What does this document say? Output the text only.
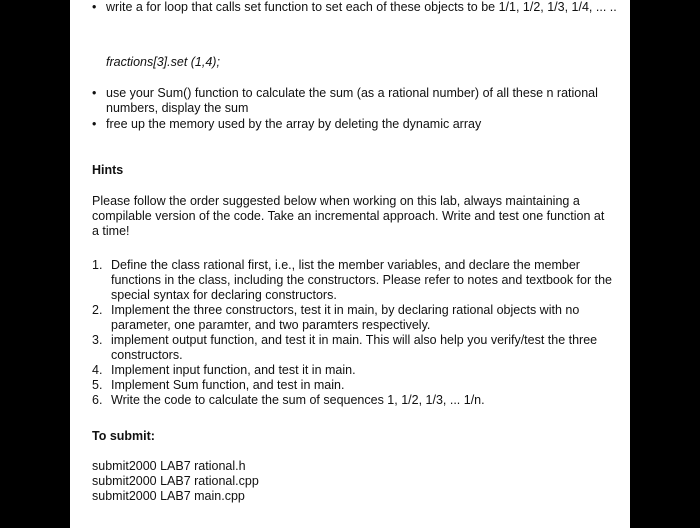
• write a for loop that calls set function to set each of these objects to be 1/1, 1/2, 1/3, 1/4, ... ..
fractions[3].set (1,4);
• use your Sum() function to calculate the sum (as a rational number) of all these n rational numbers, display the sum
• free up the memory used by the array by deleting the dynamic array
Hints
Please follow the order suggested below when working on this lab, always maintaining a compilable version of the code. Take an incremental approach. Write and test one function at a time!
1. Define the class rational first, i.e., list the member variables, and declare the member functions in the class, including the constructors. Please refer to notes and textbook for the special syntax for declaring constructors.
2. Implement the three constructors, test it in main, by declaring rational objects with no parameter, one paramter, and two paramters respectively.
3. implement output function, and test it in main. This will also help you verify/test the three constructors.
4. Implement input function, and test it in main.
5. Implement Sum function, and test in main.
6. Write the code to calculate the sum of sequences 1, 1/2, 1/3, ... 1/n.
To submit:
submit2000 LAB7 rational.h
submit2000 LAB7 rational.cpp
submit2000 LAB7 main.cpp
